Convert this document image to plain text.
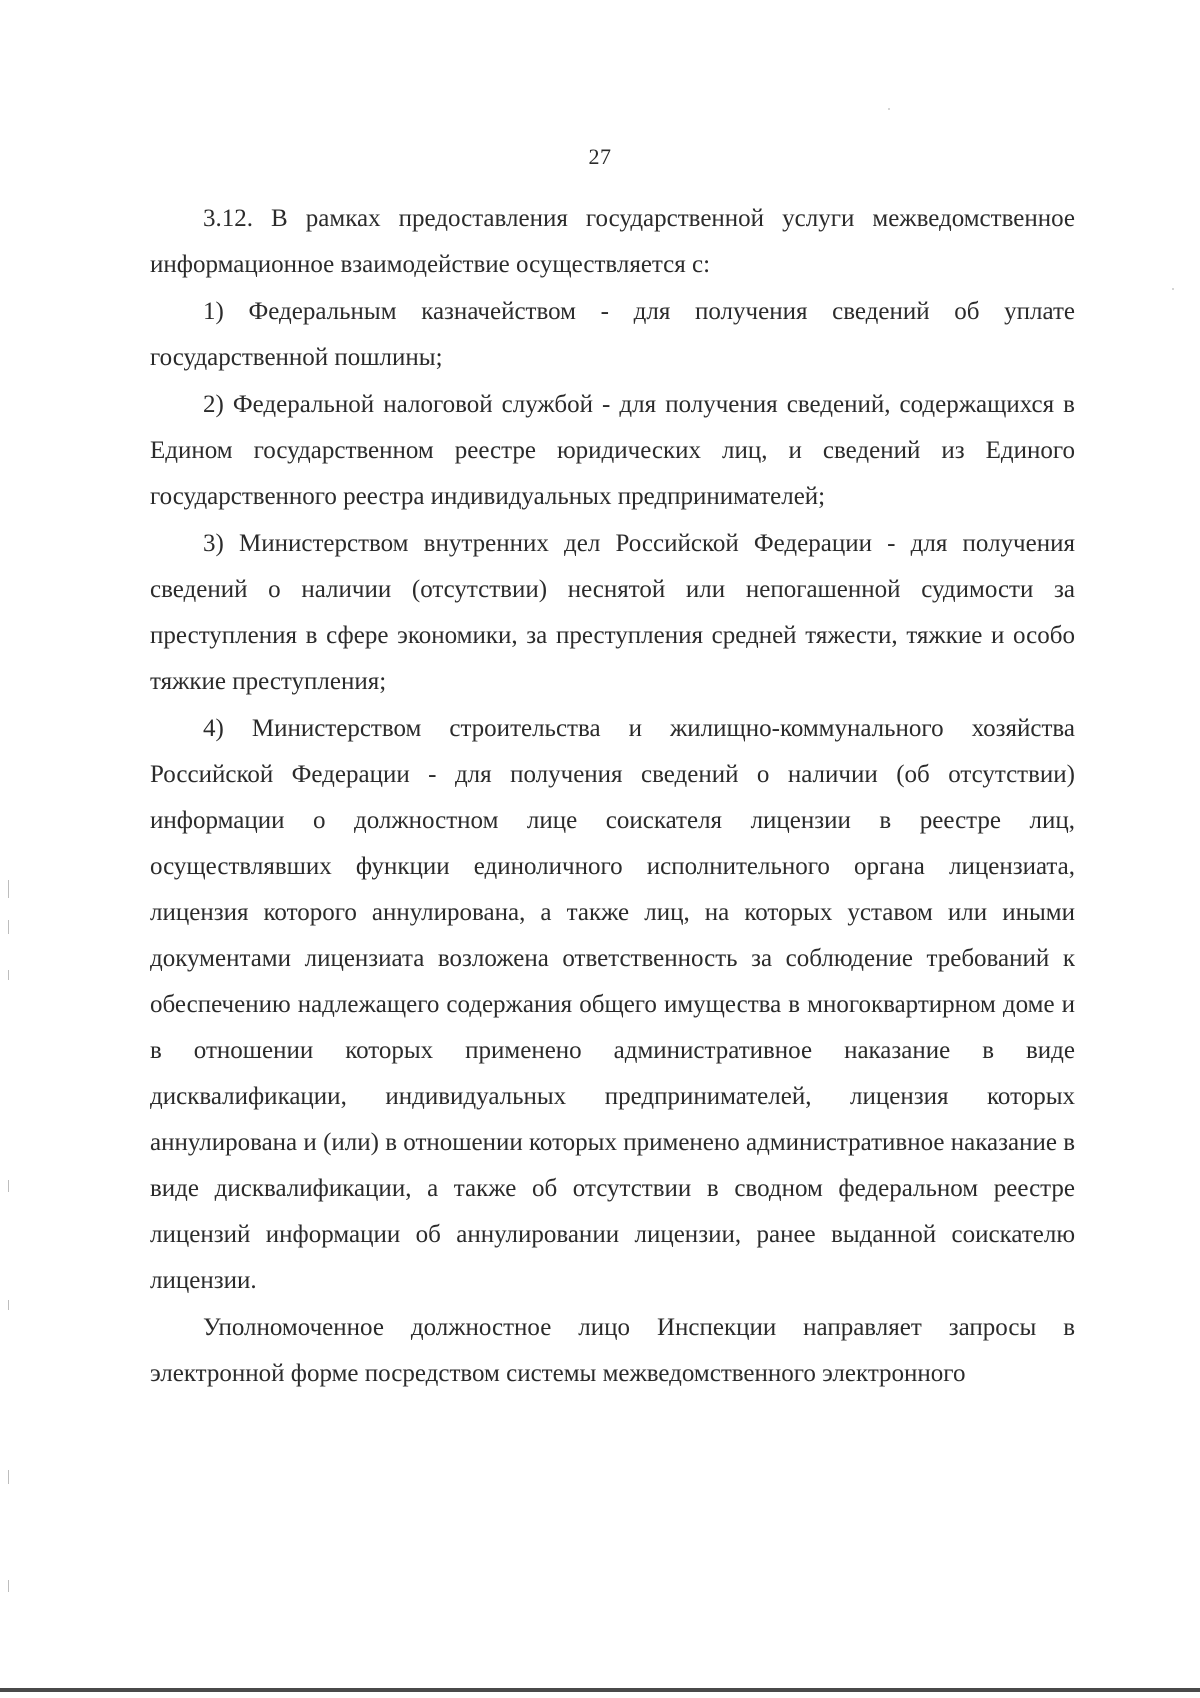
27

3.12. В рамках предоставления государственной услуги межведомственное информационное взаимодействие осуществляется с:

1) Федеральным казначейством - для получения сведений об уплате государственной пошлины;

2) Федеральной налоговой службой - для получения сведений, содержащихся в Едином государственном реестре юридических лиц, и сведений из Единого государственного реестра индивидуальных предпринимателей;

3) Министерством внутренних дел Российской Федерации - для получения сведений о наличии (отсутствии) неснятой или непогашенной судимости за преступления в сфере экономики, за преступления средней тяжести, тяжкие и особо тяжкие преступления;

4) Министерством строительства и жилищно-коммунального хозяйства Российской Федерации - для получения сведений о наличии (об отсутствии) информации о должностном лице соискателя лицензии в реестре лиц, осуществлявших функции единоличного исполнительного органа лицензиата, лицензия которого аннулирована, а также лиц, на которых уставом или иными документами лицензиата возложена ответственность за соблюдение требований к обеспечению надлежащего содержания общего имущества в многоквартирном доме и в отношении которых применено административное наказание в виде дисквалификации, индивидуальных предпринимателей, лицензия которых аннулирована и (или) в отношении которых применено административное наказание в виде дисквалификации, а также об отсутствии в сводном федеральном реестре лицензий информации об аннулировании лицензии, ранее выданной соискателю лицензии.

Уполномоченное должностное лицо Инспекции направляет запросы в электронной форме посредством системы межведомственного электронного
